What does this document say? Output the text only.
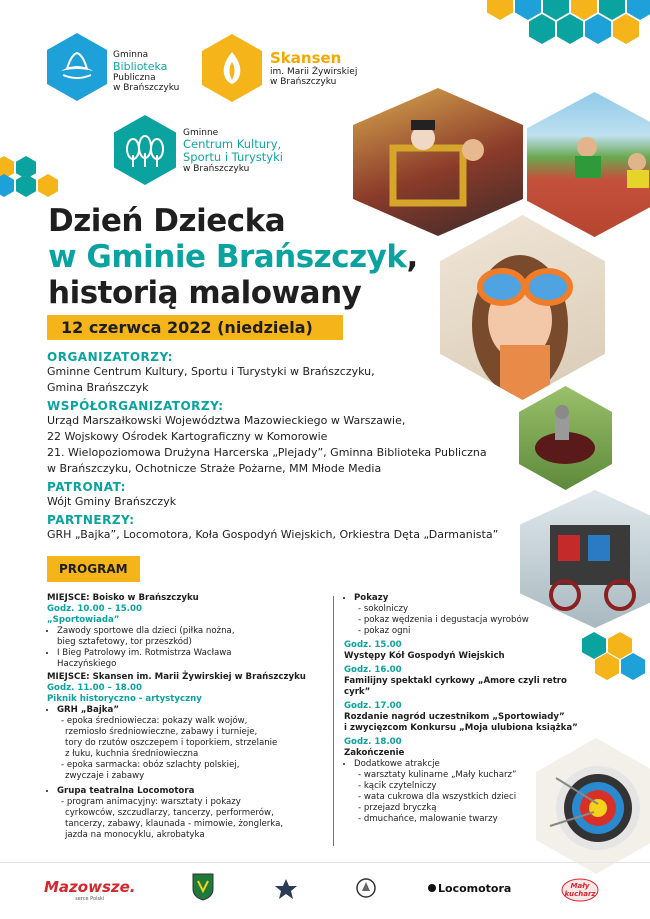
Gminna
Biblioteka
Publiczna
w Brańszczyku
Skansen
im. Marii Żywirskiej
w Brańszczyku
Gminne
Centrum Kultury,
Sportu i Turystyki
w Brańszczyku
Dzień Dziecka
w Gminie Brańszczyk,
historią malowany
12 czerwca 2022 (niedziela)
ORGANIZATORZY:
Gminne Centrum Kultury, Sportu i Turystyki w Brańszczyku,
Gmina Brańszczyk
WSPÓŁORGANIZATORZY:
Urząd Marszałkowski Województwa Mazowieckiego w Warszawie,
22 Wojskowy Ośrodek Kartograficzny w Komorowie
21. Wielopoziomowa Drużyna Harcerska „Plejady”, Gminna Biblioteka Publiczna
w Brańszczyku, Ochotnicze Straże Pożarne, MM Młode Media
PATRONAT:
Wójt Gminy Brańszczyk
PARTNERZY:
GRH „Bajka”, Locomotora, Koła Gospodyń Wiejskich, Orkiestra Dęta „Darmanista”
PROGRAM
MIEJSCE: Boisko w Brańszczyku
Godz. 10.00 – 15.00
„Sportowiada”
• Zawody sportowe dla dzieci (piłka nożna,
bieg sztafetowy, tor przeszkód)
• I Bieg Patrolowy im. Rotmistrza Wacława
Haczyńskiego
MIEJSCE: Skansen im. Marii Żywirskiej w Brańszczyku
Godz. 11.00 – 18.00
Piknik historyczno - artystyczny
• GRH „Bajka”
- epoka średniowiecza: pokazy walk wojów,
rzemiosło średniowieczne, zabawy i turnieje,
tory do rzutów oszczepem i toporkiem, strzelanie
z łuku, kuchnia średniowieczna
- epoka sarmacka: obóz szlachty polskiej,
zwyczaje i zabawy
• Grupa teatralna Locomotora
- program animacyjny: warsztaty i pokazy
cyrkowców, szczudlarzy, tancerzy, performerów,
tancerzy, zabawy, klaunada - mimowie, żonglerka,
jazda na monocyklu, akrobatyka
• Pokazy
- sokolniczy
- pokaz wędzenia i degustacja wyrobów
- pokaz ogni
Godz. 15.00
Występy Kół Gospodyń Wiejskich
Godz. 16.00
Familijny spektakl cyrkowy „Amore czyli retro cyrk”
Godz. 17.00
Rozdanie nagród uczestnikom „Sportowiady”
i zwycięzcom Konkursu „Moja ulubiona książka”
Godz. 18.00
Zakończenie
• Dodatkowe atrakcje
- warsztaty kulinarne „Mały kucharz”
- kącik czytelniczy
- wata cukrowa dla wszystkich dzieci
- przejazd bryczką
- dmuchańce, malowanie twarzy
Mazowsze.
serce Polski
Locomotora	Mały kucharz
